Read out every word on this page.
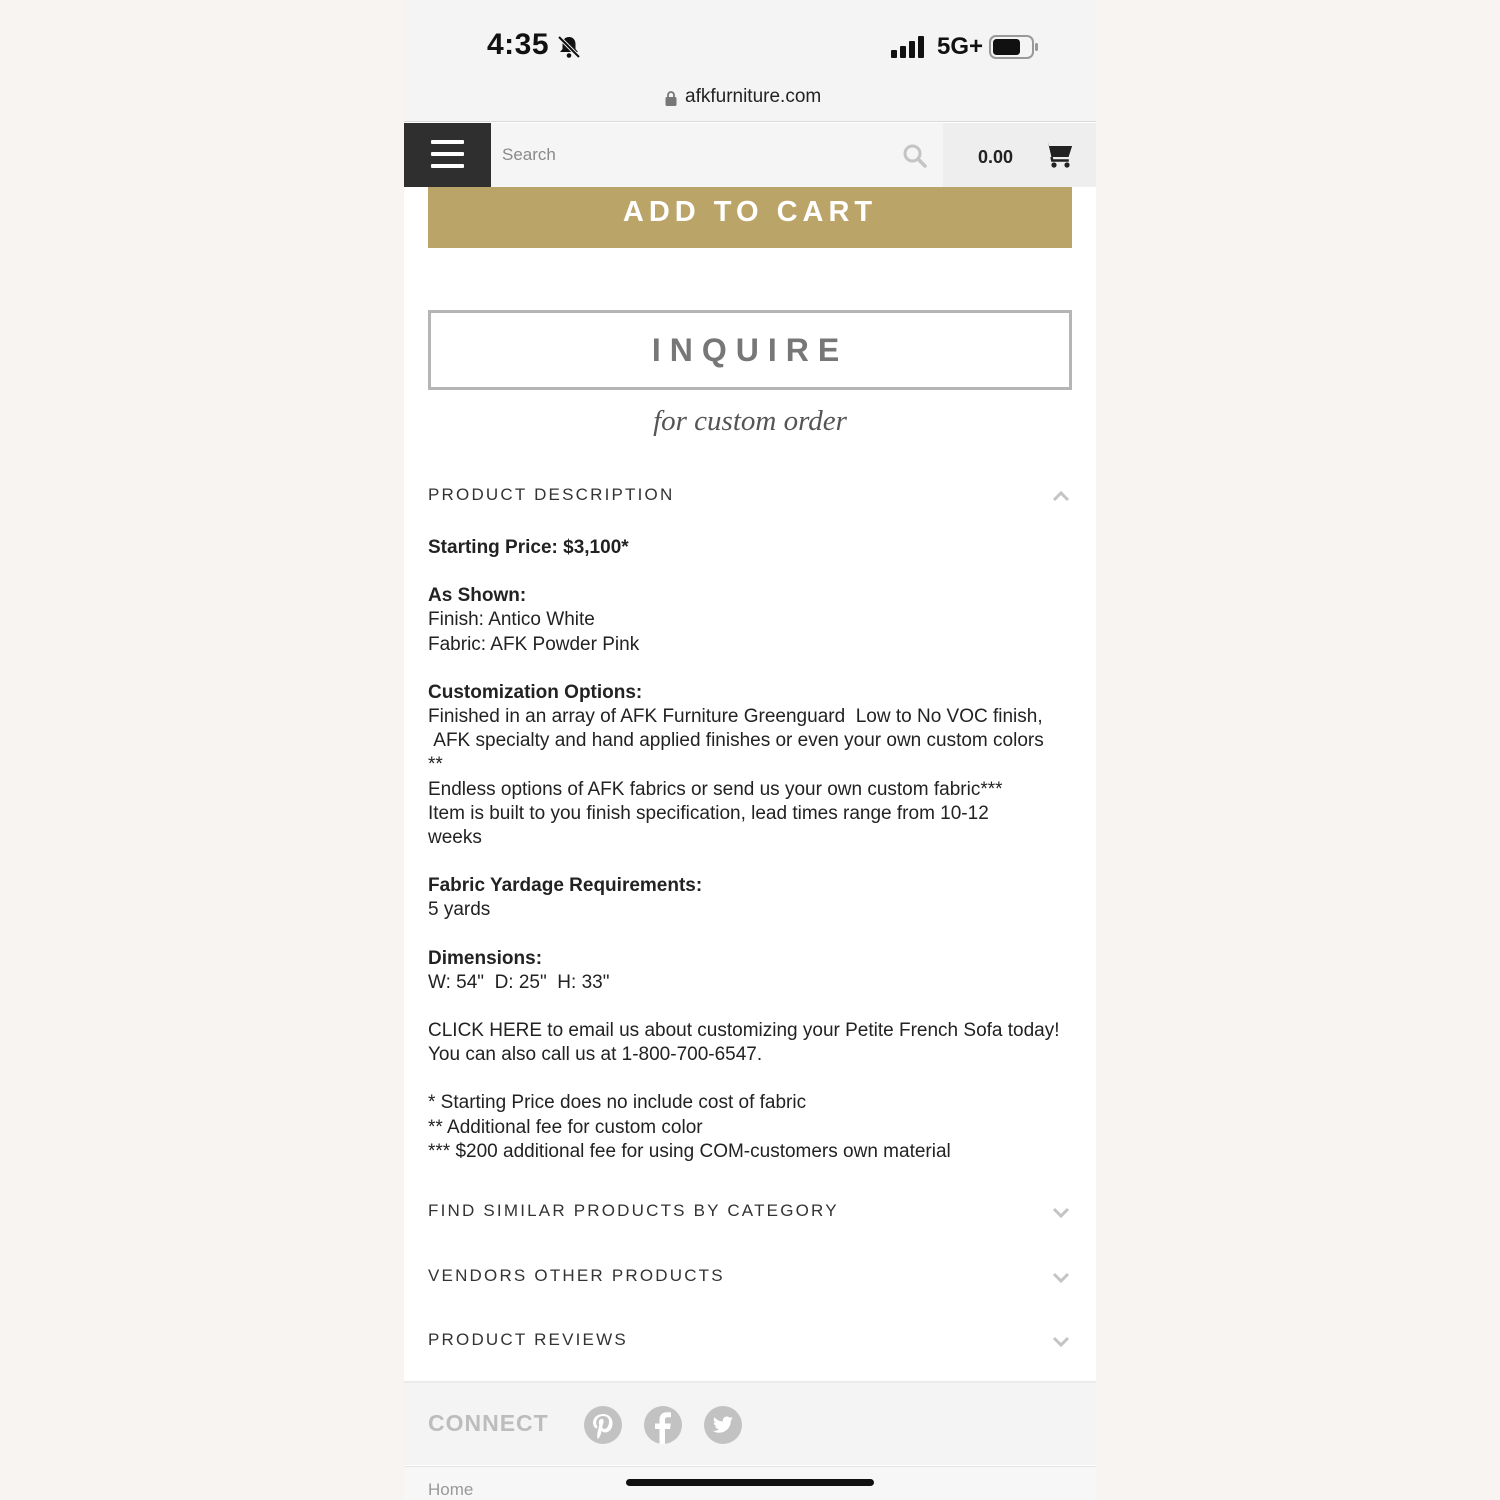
4:35	5G+
afkfurniture.com
Search
0.00
ADD TO CART
INQUIRE
for custom order
PRODUCT DESCRIPTION

Starting Price: $3,100*

As Shown:

Finish: Antico White

Fabric: AFK Powder Pink

Customization Options:

Finished in an array of AFK Furniture Greenguard  Low to No VOC finish,

AFK specialty and hand applied finishes or even your own custom colors

**

Endless options of AFK fabrics or send us your own custom fabric***

Item is built to you finish specification, lead times range from 10-12

weeks

Fabric Yardage Requirements:

5 yards

Dimensions:

W: 54"  D: 25"  H: 33"

CLICK HERE to email us about customizing your Petite French Sofa today!

You can also call us at 1-800-700-6547.

* Starting Price does no include cost of fabric

** Additional fee for custom color

*** $200 additional fee for using COM-customers own material

FIND SIMILAR PRODUCTS BY CATEGORY
VENDORS OTHER PRODUCTS
PRODUCT REVIEWS
CONNECT
Home
